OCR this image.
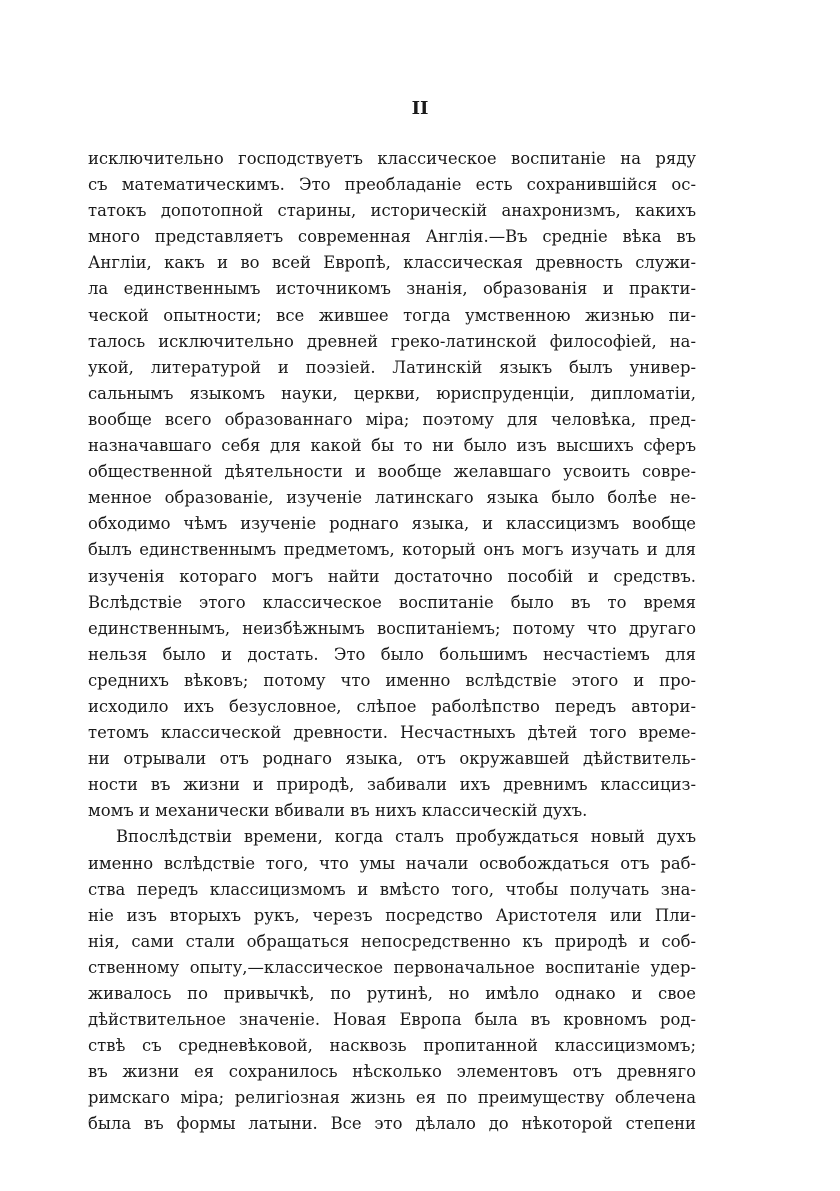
II
исключительно господствуетъ классическое воспитаніе на ряду
съ математическимъ. Это преобладаніе есть сохранившійся ос-
татокъ допотопной старины, историческій анахронизмъ, какихъ
много представляетъ современная Англія.—Въ средніе вѣка въ
Англіи, какъ и во всей Европѣ, классическая древность служи-
ла единственнымъ источникомъ знанія, образованія и практи-
ческой опытности; все жившее тогда умственною жизнью пи-
талось исключительно древней греко-латинской философіей, на-
укой, литературой и поэзіей. Латинскій языкъ былъ универ-
сальнымъ языкомъ науки, церкви, юриспруденціи, дипломатіи,
вообще всего образованнаго міра; поэтому для человѣка, пред-
назначавшаго себя для какой бы то ни было изъ высшихъ сферъ
общественной дѣятельности и вообще желавшаго усвоить совре-
менное образованіе, изученіе латинскаго языка было болѣе не-
обходимо чѣмъ изученіе роднаго языка, и классицизмъ вообще
былъ единственнымъ предметомъ, который онъ могъ изучать и для
изученія котораго могъ найти достаточно пособій и средствъ.
Вслѣдствіе этого классическое воспитаніе было въ то время
единственнымъ, неизбѣжнымъ воспитаніемъ; потому что другаго
нельзя было и достать. Это было большимъ несчастіемъ для
среднихъ вѣковъ; потому что именно вслѣдствіе этого и про-
исходило ихъ безусловное, слѣпое раболѣпство передъ автори-
тетомъ классической древности. Несчастныхъ дѣтей того време-
ни отрывали отъ роднаго языка, отъ окружавшей дѣйствитель-
ности въ жизни и природѣ, забивали ихъ древнимъ классициз-
момъ и механически вбивали въ нихъ классическій духъ.
Впослѣдствіи времени, когда сталъ пробуждаться новый духъ
именно вслѣдствіе того, что умы начали освобождаться отъ раб-
ства передъ классицизмомъ и вмѣсто того, чтобы получать зна-
ніе изъ вторыхъ рукъ, черезъ посредство Аристотеля или Пли-
нія, сами стали обращаться непосредственно къ природѣ и соб-
ственному опыту,—классическое первоначальное воспитаніе удер-
живалось по привычкѣ, по рутинѣ, но имѣло однако и свое
дѣйствительное значеніе. Новая Европа была въ кровномъ род-
ствѣ съ средневѣковой, насквозь пропитанной классицизмомъ;
въ жизни ея сохранилось нѣсколько элементовъ отъ древняго
римскаго міра; религіозная жизнь ея по преимуществу облечена
была въ формы латыни. Все это дѣлало до нѣкоторой степени
